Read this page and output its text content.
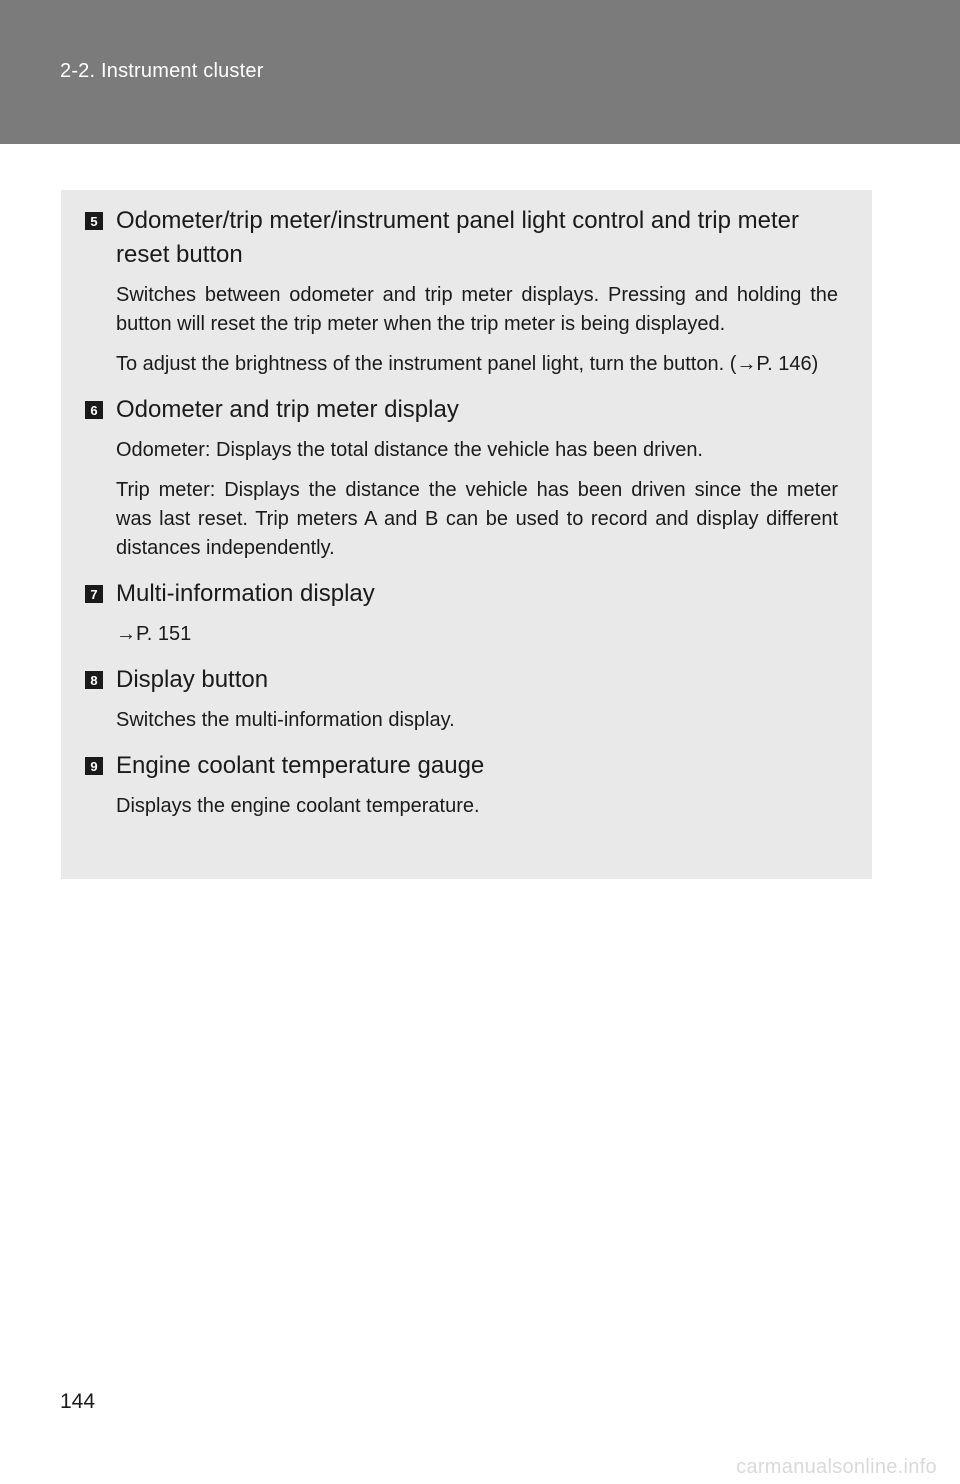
2-2. Instrument cluster
5 Odometer/trip meter/instrument panel light control and trip meter reset button

Switches between odometer and trip meter displays. Pressing and holding the button will reset the trip meter when the trip meter is being displayed.

To adjust the brightness of the instrument panel light, turn the button. (→P. 146)

6 Odometer and trip meter display

Odometer: Displays the total distance the vehicle has been driven.

Trip meter: Displays the distance the vehicle has been driven since the meter was last reset. Trip meters A and B can be used to record and display different distances independently.

7 Multi-information display

→P. 151

8 Display button

Switches the multi-information display.

9 Engine coolant temperature gauge

Displays the engine coolant temperature.

144
carmanualsonline.info
